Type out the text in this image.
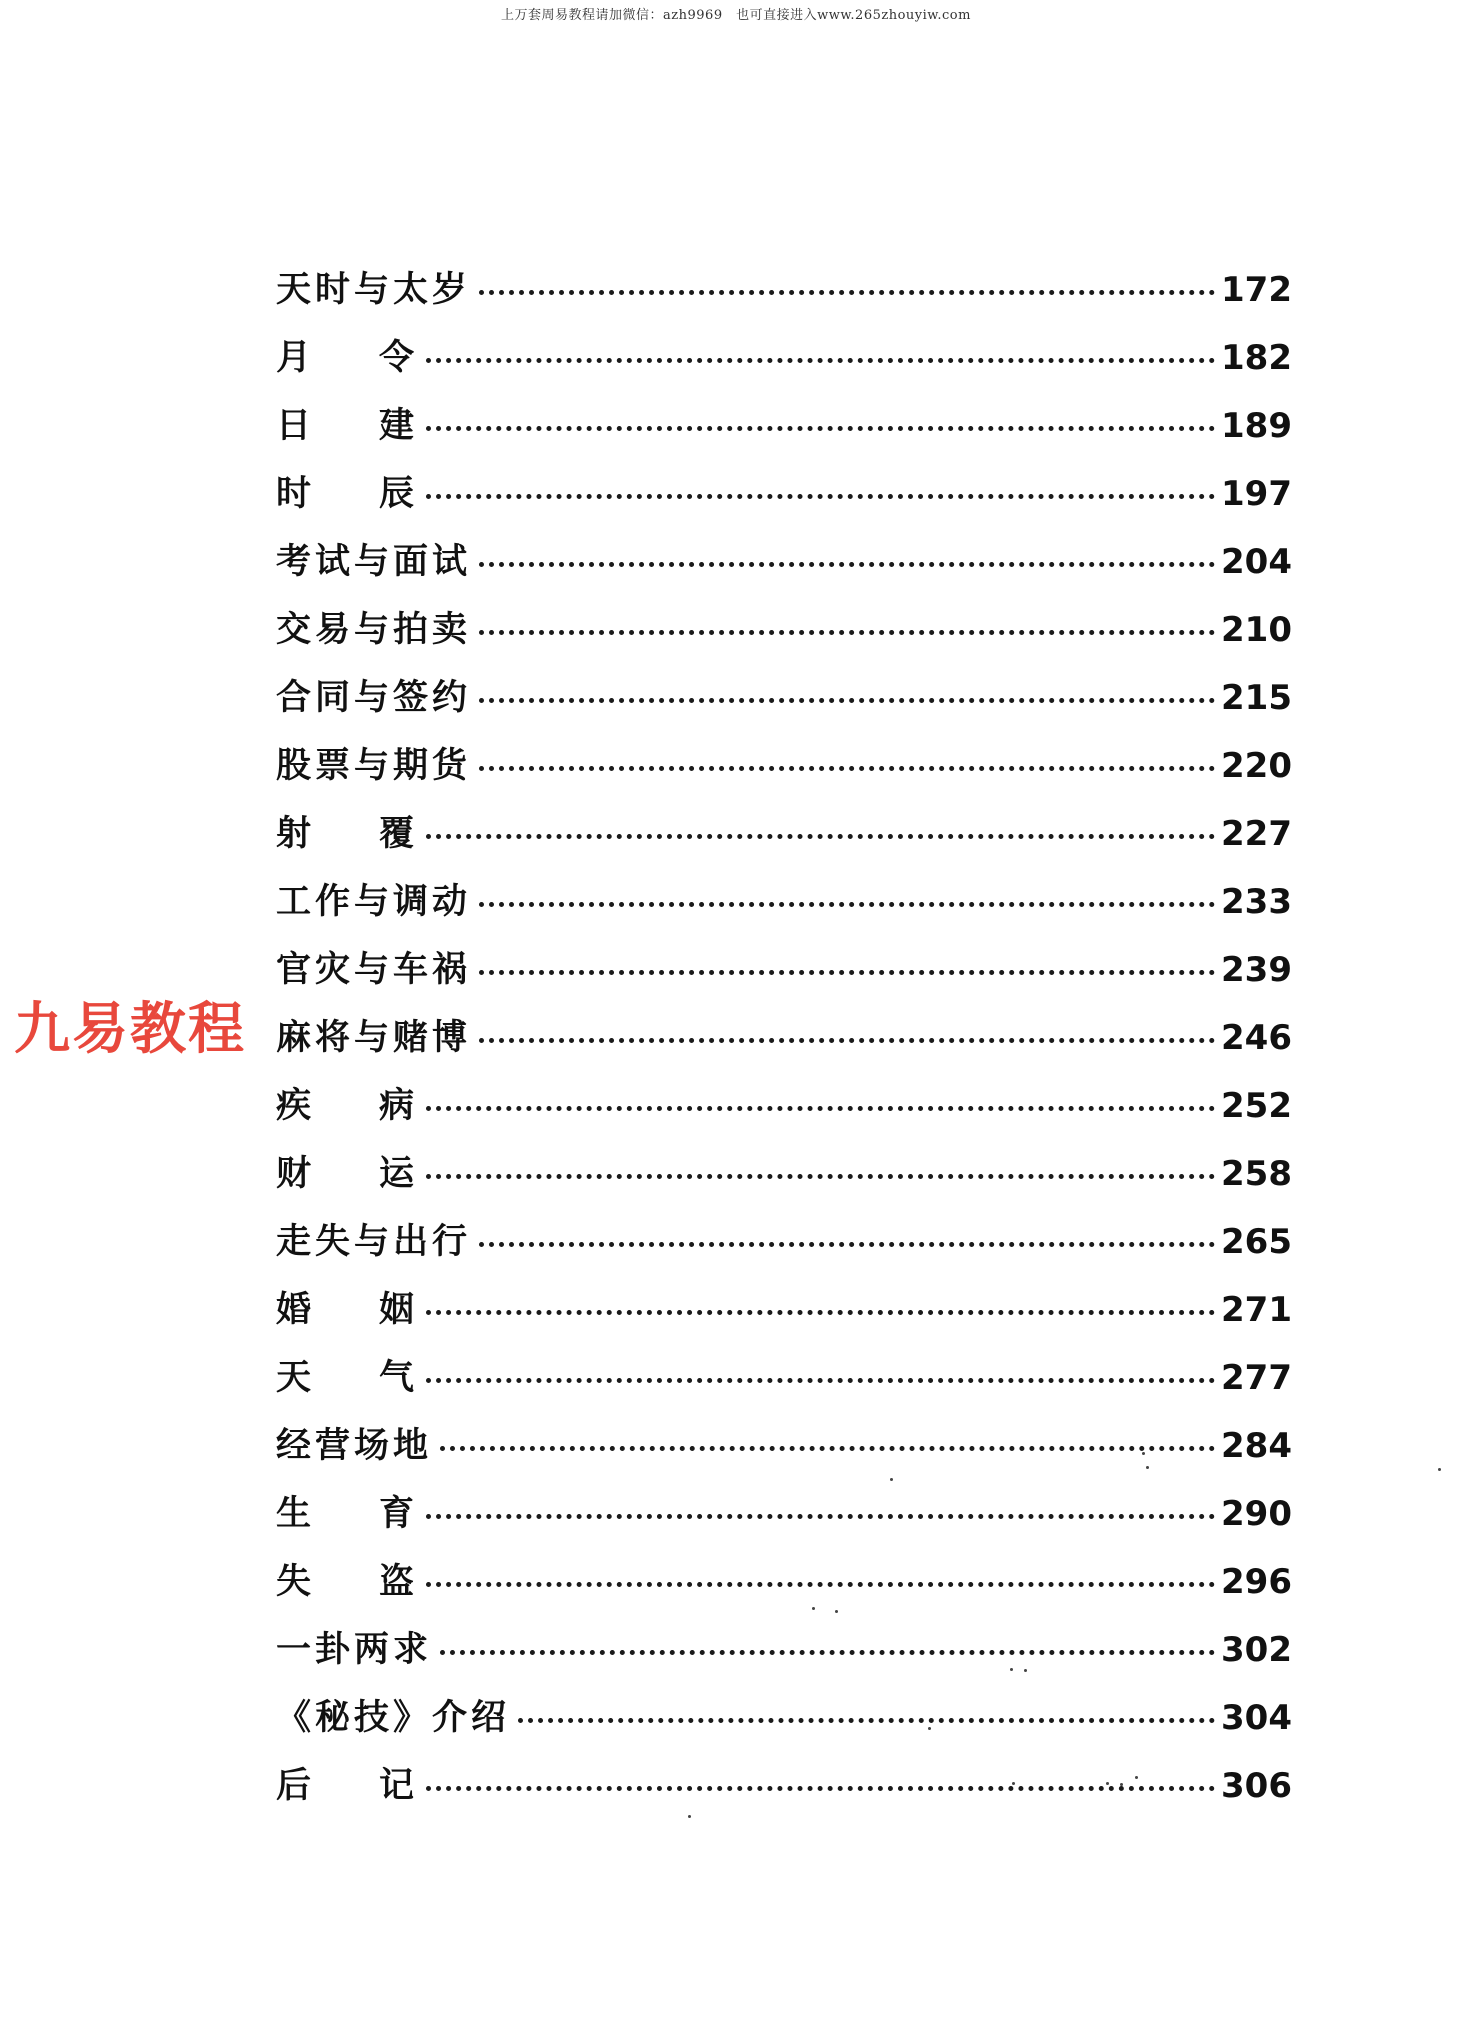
上万套周易教程请加微信：azh9969　也可直接进入www.265zhouyiw.com
九易教程
天时与太岁	172
月 令	182
日 建	189
时 辰	197
考试与面试	204
交易与拍卖	210
合同与签约	215
股票与期货	220
射 覆	227
工作与调动	233
官灾与车祸	239
麻将与赌博	246
疾 病	252
财 运	258
走失与出行	265
婚 姻	271
天 气	277
经营场地	284
生 育	290
失 盗	296
一卦两求	302
《秘技》介绍	304
后 记	306
